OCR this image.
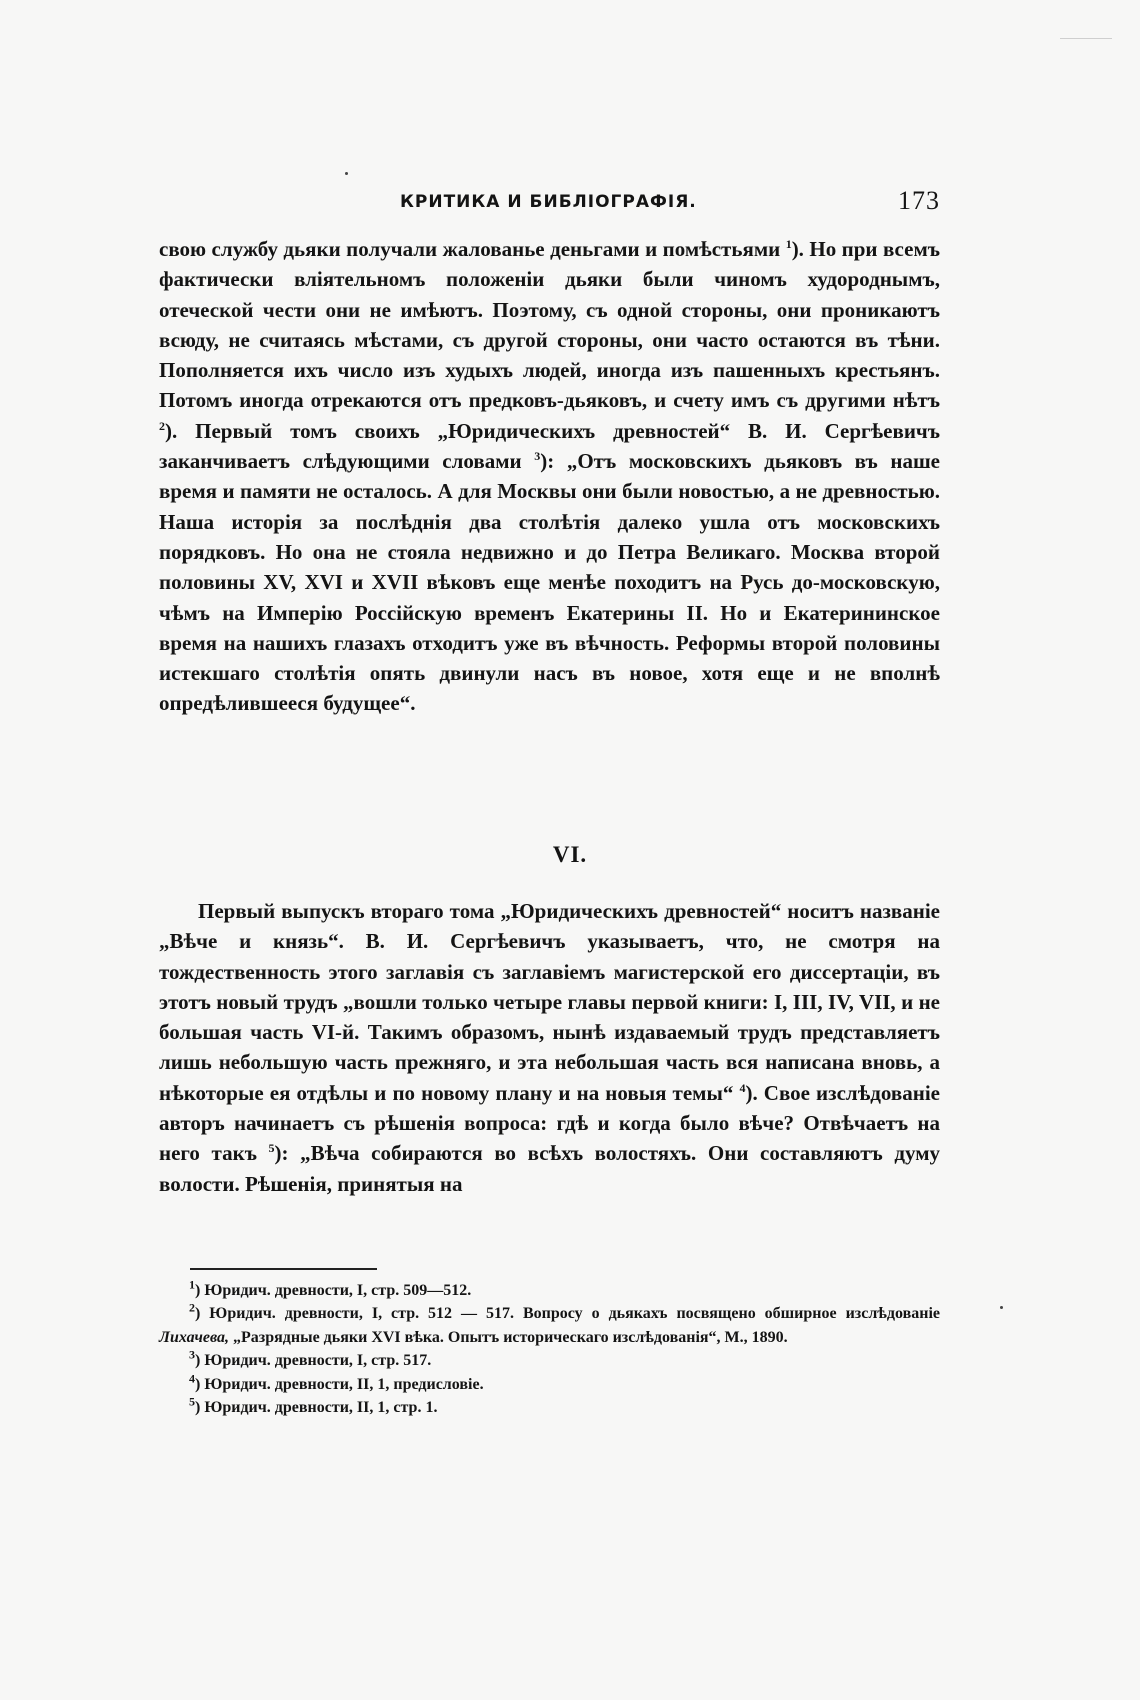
КРИТИКА И БИБЛІОГРАФІЯ.	173

свою службу дьяки получали жалованье деньгами и помѣстьями $^1$). Но при всемъ фактически вліятельномъ положеніи дьяки были чиномъ худороднымъ, отеческой чести они не имѣютъ. Поэтому, съ одной стороны, они проникаютъ всюду, не считаясь мѣстами, съ другой стороны, они часто остаются въ тѣни. Пополняется ихъ число изъ худыхъ людей, иногда изъ пашенныхъ крестьянъ. Потомъ иногда отрекаются отъ предковъ-дьяковъ, и счету имъ съ другими нѣтъ $^2$). Первый томъ своихъ „Юридическихъ древностей“ В. И. Сергѣевичъ заканчиваетъ слѣдующими словами $^3$): „Отъ московскихъ дьяковъ въ наше время и памяти не осталось. А для Москвы они были новостью, а не древностью. Наша исторія за послѣднія два столѣтія далеко ушла отъ московскихъ порядковъ. Но она не стояла недвижно и до Петра Великаго. Москва второй половины XV, XVI и XVII вѣковъ еще менѣе походитъ на Русь до-московскую, чѣмъ на Имперію Россійскую временъ Екатерины II. Но и Екатерининское время на нашихъ глазахъ отходитъ уже въ вѣчность. Реформы второй половины истекшаго столѣтія опять двинули насъ въ новое, хотя еще и не вполнѣ опредѣлившееся будущее“.

VI.

Первый выпускъ втораго тома „Юридическихъ древностей“ носитъ названіе „Вѣче и князь“. В. И. Сергѣевичъ указываетъ, что, не смотря на тождественность этого заглавія съ заглавіемъ магистерской его диссертаціи, въ этотъ новый трудъ „вошли только четыре главы первой книги: I, III, IV, VII, и не большая часть VI-й. Такимъ образомъ, нынѣ издаваемый трудъ представляетъ лишь небольшую часть прежняго, и эта небольшая часть вся написана вновь, а нѣкоторые ея отдѣлы и по новому плану и на новыя темы“ $^4$). Свое изслѣдованіе авторъ начинаетъ съ рѣшенія вопроса: гдѣ и когда было вѣче? Отвѣчаетъ на него такъ $^5$): „Вѣча собираются во всѣхъ волостяхъ. Они составляютъ думу волости. Рѣшенія, принятыя на

$^1$) Юридич. древности, I, стр. 509—512.

$^2$) Юридич. древности, I, стр. 512 — 517. Вопросу о дьякахъ посвящено обширное изслѣдованіе Лихачева, „Разрядные дьяки XVI вѣка. Опытъ историческаго изслѣдованія“, М., 1890.

$^3$) Юридич. древности, I, стр. 517.

$^4$) Юридич. древности, II, 1, предисловіе.

$^5$) Юридич. древности, II, 1, стр. 1.
